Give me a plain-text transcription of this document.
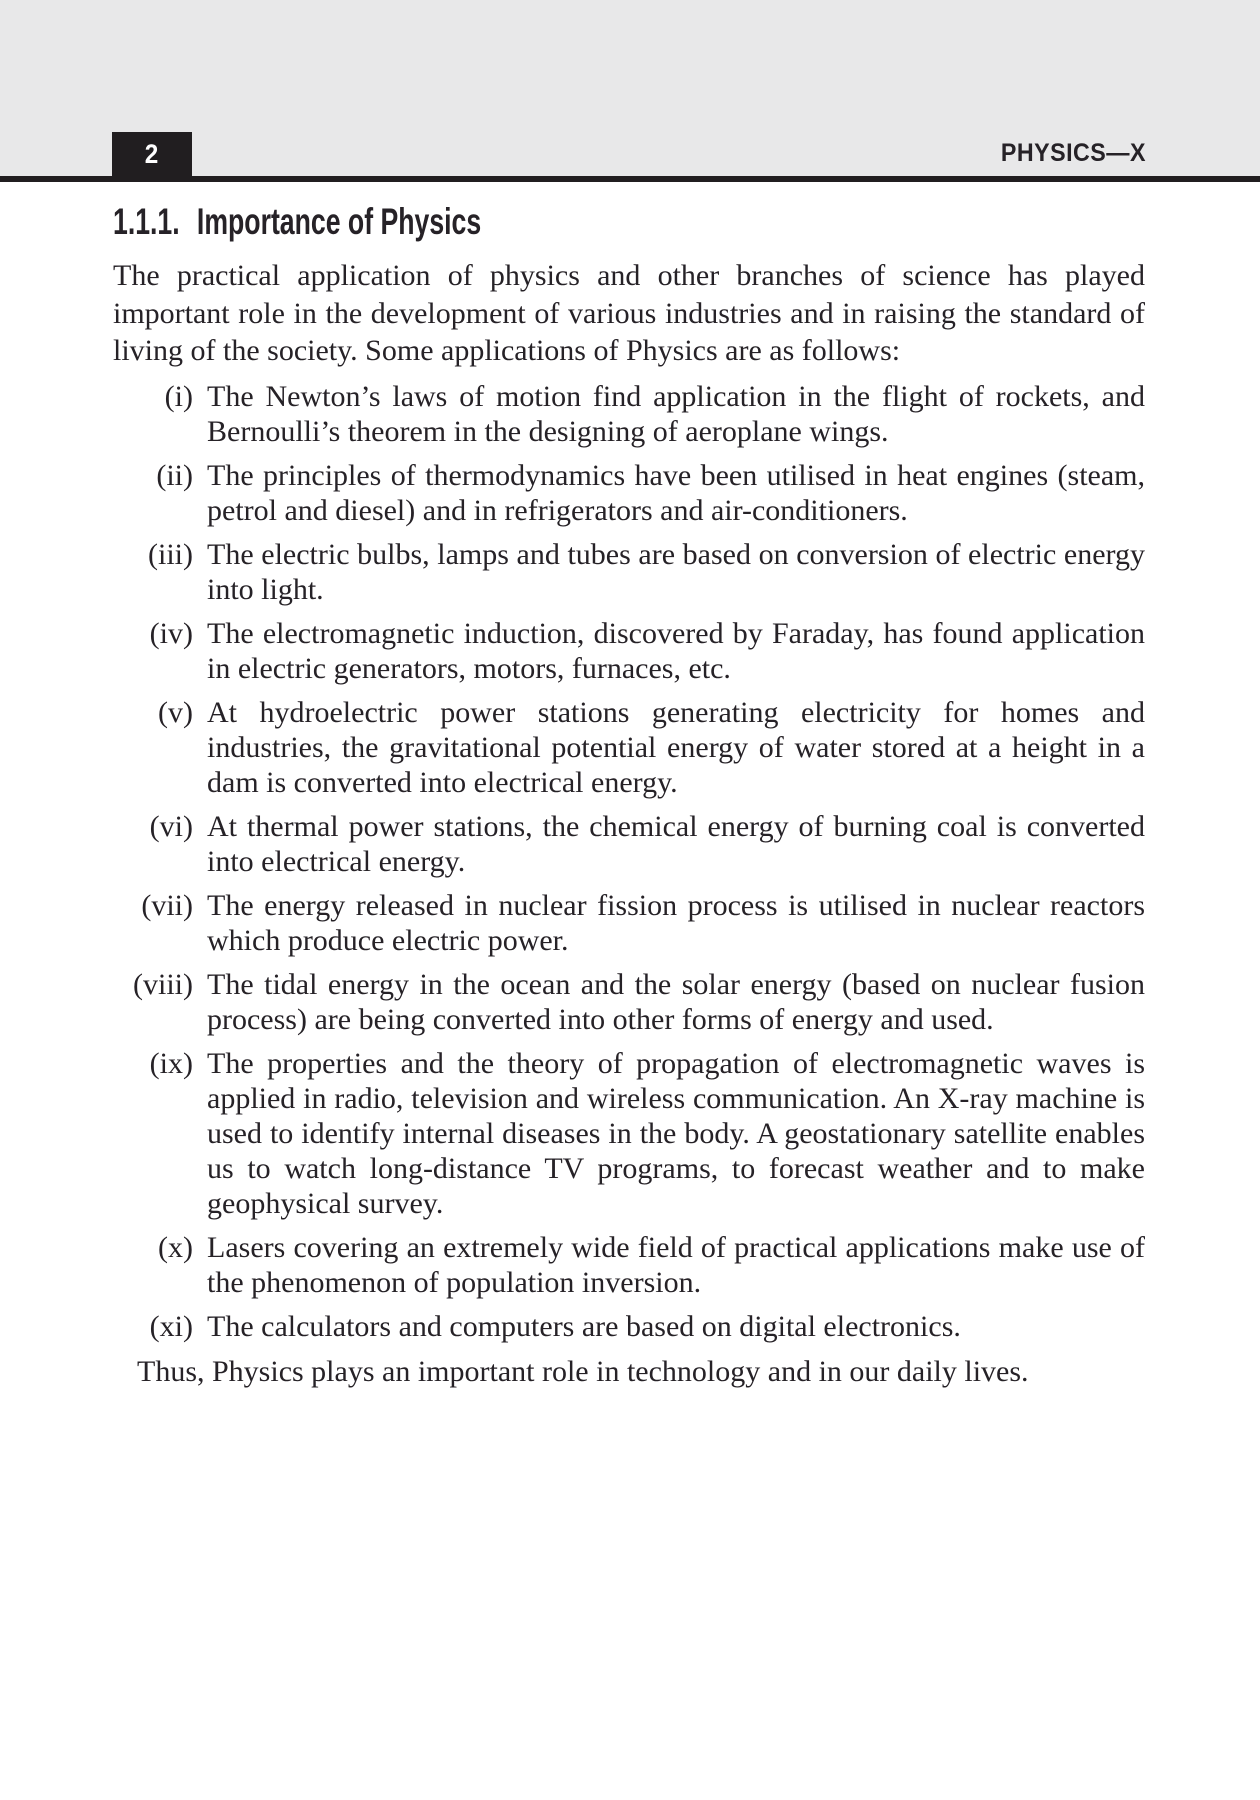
2	PHYSICS—X
1.1.1. Importance of Physics

The practical application of physics and other branches of science has played important role in the development of various industries and in raising the standard of living of the society. Some applications of Physics are as follows:

(i) The Newton’s laws of motion find application in the flight of rockets, and Bernoulli’s theorem in the designing of aeroplane wings.
(ii) The principles of thermodynamics have been utilised in heat engines (steam, petrol and diesel) and in refrigerators and air-conditioners.
(iii) The electric bulbs, lamps and tubes are based on conversion of electric energy into light.
(iv) The electromagnetic induction, discovered by Faraday, has found application in electric generators, motors, furnaces, etc.
(v) At hydroelectric power stations generating electricity for homes and industries, the gravitational potential energy of water stored at a height in a dam is converted into electrical energy.
(vi) At thermal power stations, the chemical energy of burning coal is converted into electrical energy.
(vii) The energy released in nuclear fission process is utilised in nuclear reactors which produce electric power.
(viii) The tidal energy in the ocean and the solar energy (based on nuclear fusion process) are being converted into other forms of energy and used.
(ix) The properties and the theory of propagation of electromagnetic waves is applied in radio, television and wireless communication. An X-ray machine is used to identify internal diseases in the body. A geostationary satellite enables us to watch long-distance TV programs, to forecast weather and to make geophysical survey.
(x) Lasers covering an extremely wide field of practical applications make use of the phenomenon of population inversion.
(xi) The calculators and computers are based on digital electronics.

Thus, Physics plays an important role in technology and in our daily lives.
